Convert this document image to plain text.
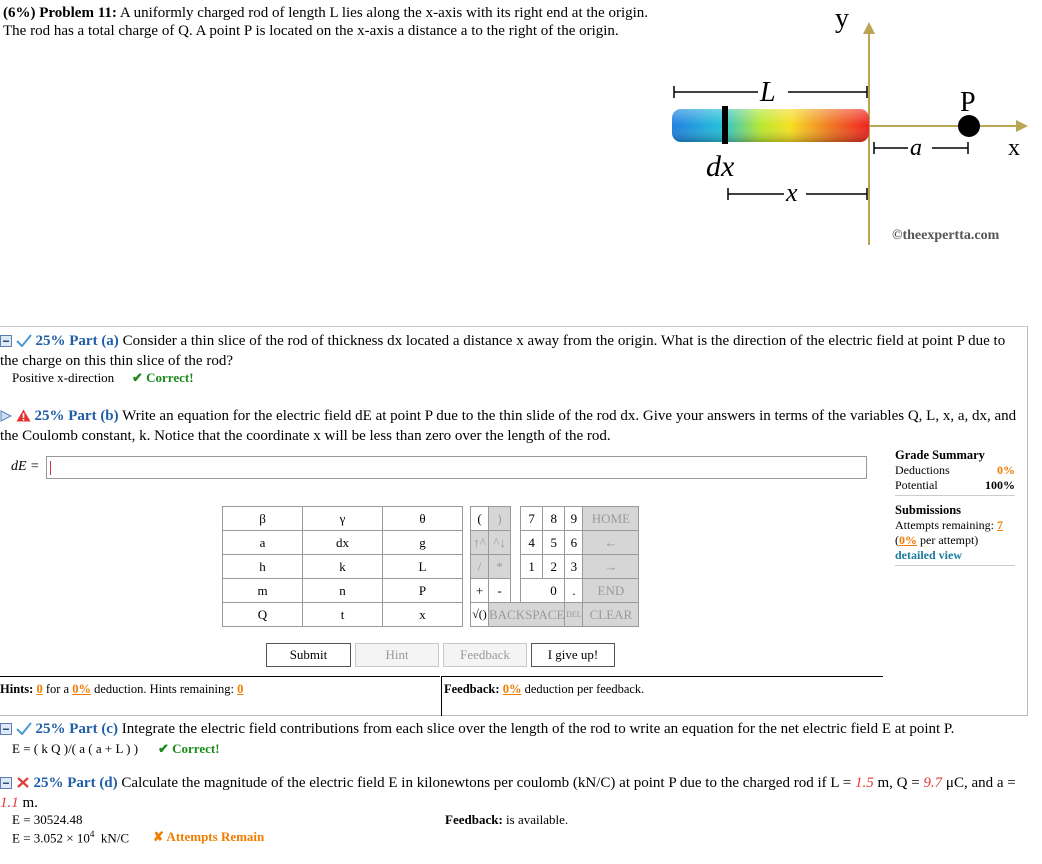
(6%) Problem 11: A uniformly charged rod of length L lies along the x-axis with its right end at the origin. The rod has a total charge of Q. A point P is located on the x-axis a distance a to the right of the origin.	y
x
L
a
P
dx
x
©theexpertta.com
25% Part (a) Consider a thin slice of the rod of thickness dx located a distance x away from the origin. What is the direction of the electric field at point P due to the charge on this thin slice of the rod?
Positive x-direction ✔ Correct!
25% Part (b) Write an equation for the electric field dE at point P due to the thin slide of the rod dx. Give your answers in terms of the variables Q, L, x, a, dx, and the Coulomb constant, k. Notice that the coordinate x will be less than zero over the length of the rod.
dE =
Grade Summary
Deductions	0%
Potential	100%
Submissions
Attempts remaining: 7
(0% per attempt)
detailed view
β	γ	θ		(	)		7	8	9	HOME
a	dx	g		↑^	^↓		4	5	6	←
h	k	L		/	*		1	2	3	→
m	n	P		+	-			0	.	END
Q	t	x		√()	BACKSPACE				DEL	CLEAR
Submit	Hint	Feedback	I give up!
Hints: 0 for a 0% deduction. Hints remaining: 0	Feedback: 0% deduction per feedback.
25% Part (c) Integrate the electric field contributions from each slice over the length of the rod to write an equation for the net electric field E at point P.
E = ( k Q )/( a ( a + L ) ) ✔ Correct!
25% Part (d) Calculate the magnitude of the electric field E in kilonewtons per coulomb (kN/C) at point P due to the charged rod if L = 1.5 m, Q = 9.7 μC, and a = 1.1 m.
E = 30524.48
$E = 3.052 \times 10^4$ kN/C ✘ Attempts Remain
Feedback: is available.
